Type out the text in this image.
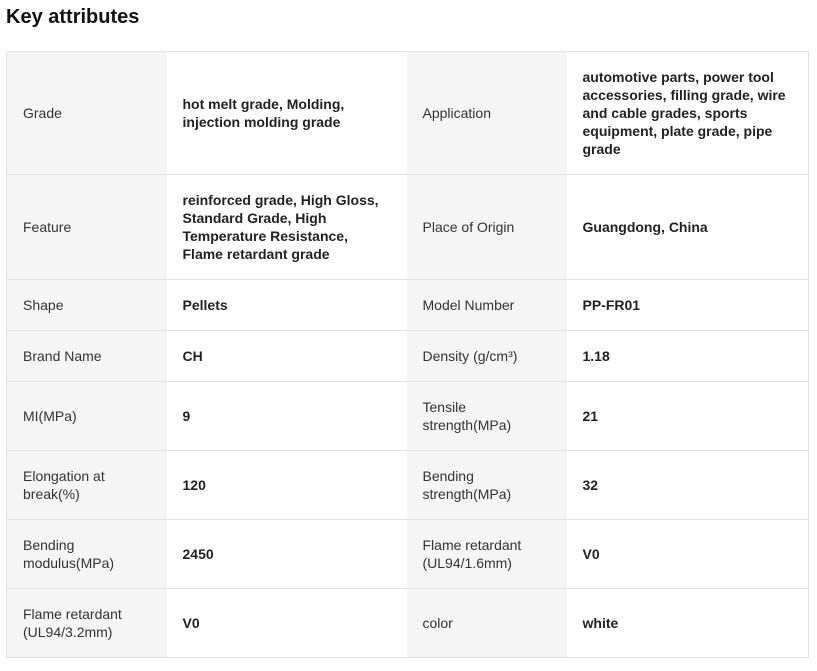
Key attributes
Grade	hot melt grade, Molding, injection molding grade	Application	automotive parts, power tool accessories, filling grade, wire and cable grades, sports equipment, plate grade, pipe grade
Feature	reinforced grade, High Gloss, Standard Grade, High Temperature Resistance, Flame retardant grade	Place of Origin	Guangdong, China
Shape	Pellets	Model Number	PP-FR01
Brand Name	CH	Density (g/cm³)	1.18
MI(MPa)	9	Tensile strength(MPa)	21
Elongation at break(%)	120	Bending strength(MPa)	32
Bending modulus(MPa)	2450	Flame retardant (UL94/1.6mm)	V0
Flame retardant (UL94/3.2mm)	V0	color	white
